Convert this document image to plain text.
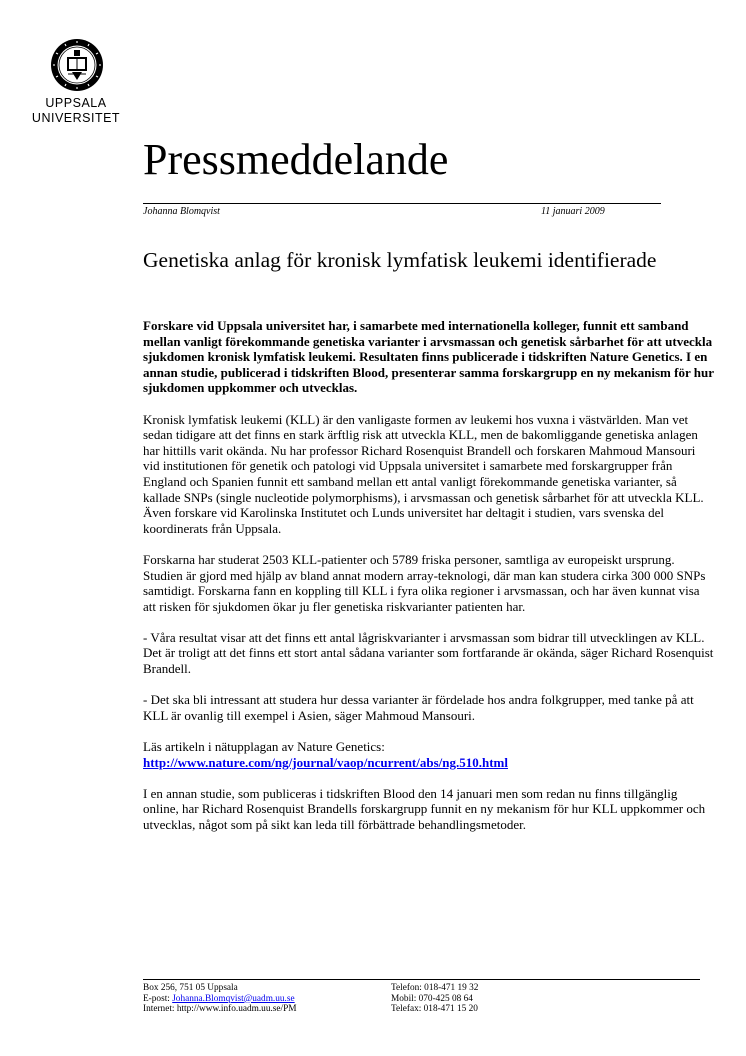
UPPSALA
UNIVERSITET
Pressmeddelande
Johanna Blomqvist	11 januari 2009
Genetiska anlag för kronisk lymfatisk leukemi identifierade

Forskare vid Uppsala universitet har, i samarbete med internationella kolleger, funnit ett samband mellan vanligt förekommande genetiska varianter i arvsmassan och genetisk sårbarhet för att utveckla sjukdomen kronisk lymfatisk leukemi. Resultaten finns publicerade i tidskriften Nature Genetics. I en annan studie, publicerad i tidskriften Blood, presenterar samma forskargrupp en ny mekanism för hur sjukdomen uppkommer och utvecklas.

Kronisk lymfatisk leukemi (KLL) är den vanligaste formen av leukemi hos vuxna i västvärlden. Man vet sedan tidigare att det finns en stark ärftlig risk att utveckla KLL, men de bakomliggande genetiska anlagen har hittills varit okända. Nu har professor Richard Rosenquist Brandell och forskaren Mahmoud Mansouri vid institutionen för genetik och patologi vid Uppsala universitet i samarbete med forskargrupper från England och Spanien funnit ett samband mellan ett antal vanligt förekommande genetiska varianter, så kallade SNPs (single nucleotide polymorphisms), i arvsmassan och genetisk sårbarhet för att utveckla KLL. Även forskare vid Karolinska Institutet och Lunds universitet har deltagit i studien, vars svenska del koordinerats från Uppsala.

Forskarna har studerat 2503 KLL-patienter och 5789 friska personer, samtliga av europeiskt ursprung. Studien är gjord med hjälp av bland annat modern array-teknologi, där man kan studera cirka 300 000 SNPs samtidigt. Forskarna fann en koppling till KLL i fyra olika regioner i arvsmassan, och har även kunnat visa att risken för sjukdomen ökar ju fler genetiska riskvarianter patienten har.

- Våra resultat visar att det finns ett antal lågriskvarianter i arvsmassan som bidrar till utvecklingen av KLL. Det är troligt att det finns ett stort antal sådana varianter som fortfarande är okända, säger Richard Rosenquist Brandell.

- Det ska bli intressant att studera hur dessa varianter är fördelade hos andra folkgrupper, med tanke på att KLL är ovanlig till exempel i Asien, säger Mahmoud Mansouri.

Läs artikeln i nätupplagan av Nature Genetics:
http://www.nature.com/ng/journal/vaop/ncurrent/abs/ng.510.html

I en annan studie, som publiceras i tidskriften Blood den 14 januari men som redan nu finns tillgänglig online, har Richard Rosenquist Brandells forskargrupp funnit en ny mekanism för hur KLL uppkommer och utvecklas, något som på sikt kan leda till förbättrade behandlingsmetoder.

Box 256, 751 05 Uppsala
E-post: Johanna.Blomqvist@uadm.uu.se
Internet: http://www.info.uadm.uu.se/PM
Telefon: 018-471 19 32
Mobil: 070-425 08 64
Telefax: 018-471 15 20
